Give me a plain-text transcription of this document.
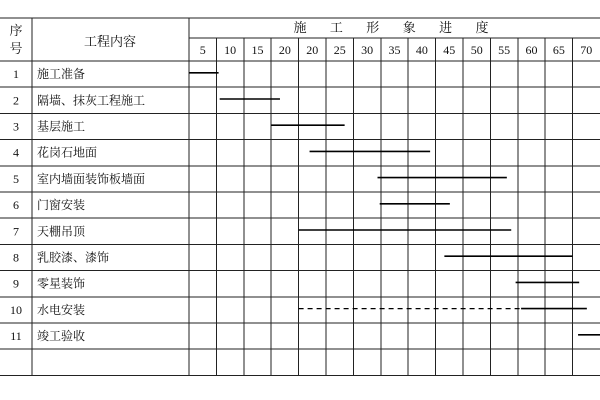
序
工程内容
号
施 工 形 象 进 度
5 10 15 20 20 25 30 35 40 45 50 55 60 65 70
1 施工准备
2 隔墙、抹灰工程施工
3 基层施工
4 花岗石地面
5 室内墙面装饰板墙面
6 门窗安装
7 天棚吊顶
8 乳胶漆、漆饰
9 零星装饰
10 水电安装
11 竣工验收
